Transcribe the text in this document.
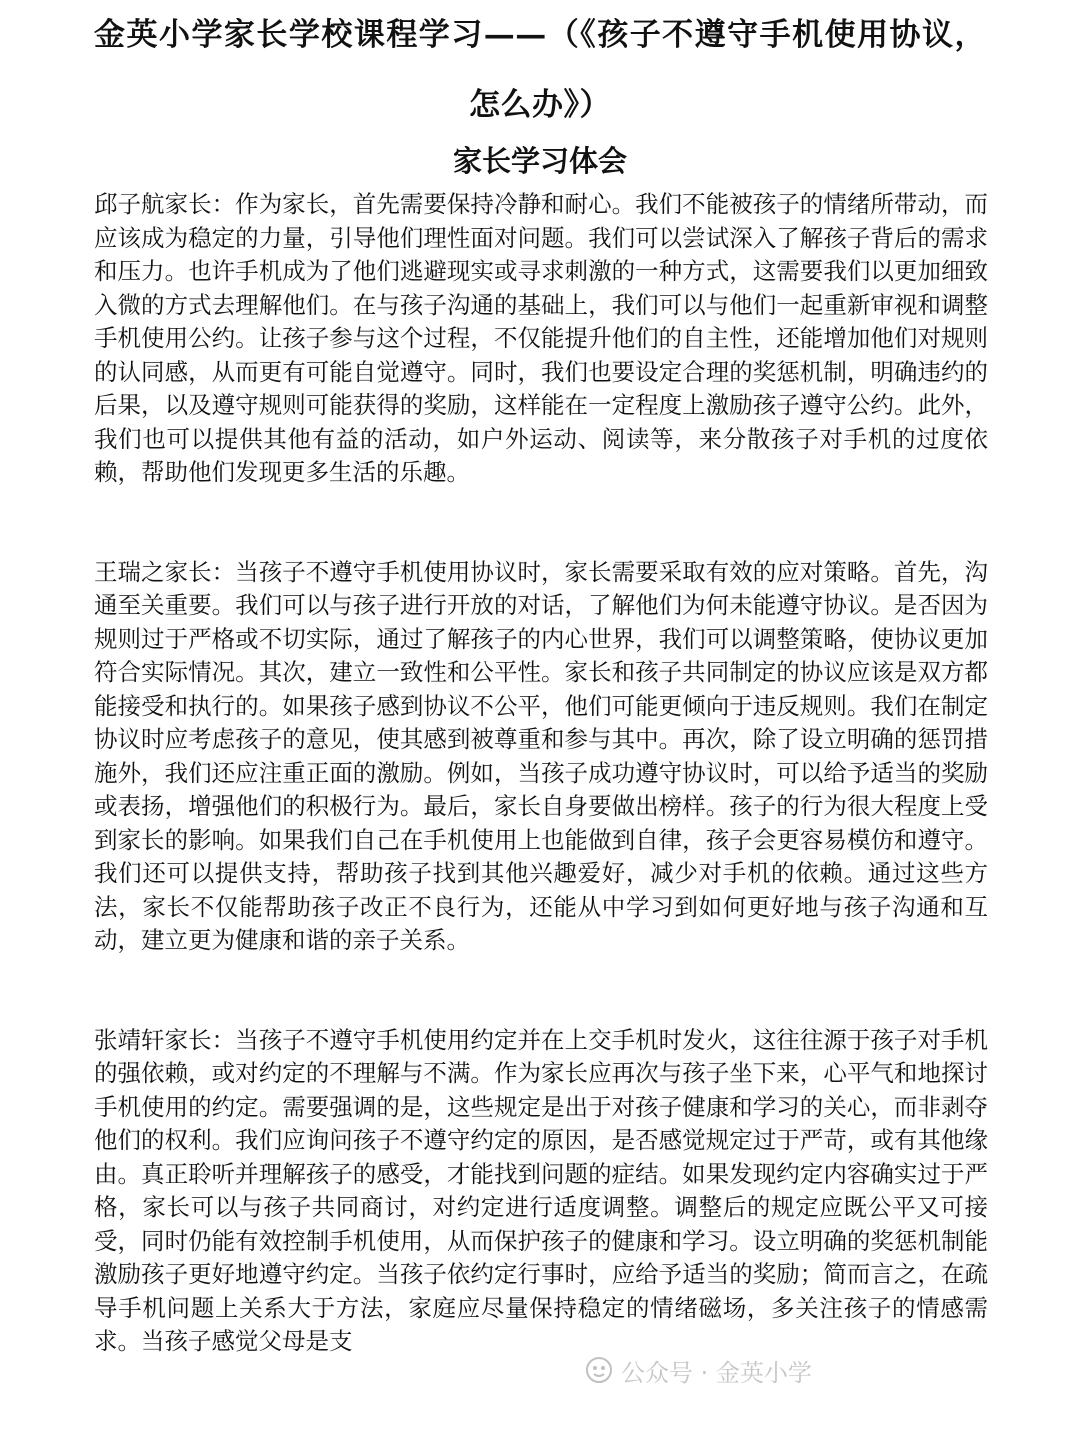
金英小学家长学校课程学习——（《孩子不遵守手机使用协议，怎么办》）
家长学习体会

邱子航家长：作为家长，首先需要保持冷静和耐心。我们不能被孩子的情绪所带动，而应该成为稳定的力量，引导他们理性面对问题。我们可以尝试深入了解孩子背后的需求和压力。也许手机成为了他们逃避现实或寻求刺激的一种方式，这需要我们以更加细致入微的方式去理解他们。在与孩子沟通的基础上，我们可以与他们一起重新审视和调整手机使用公约。让孩子参与这个过程，不仅能提升他们的自主性，还能增加他们对规则的认同感，从而更有可能自觉遵守。同时，我们也要设定合理的奖惩机制，明确违约的后果，以及遵守规则可能获得的奖励，这样能在一定程度上激励孩子遵守公约。此外，我们也可以提供其他有益的活动，如户外运动、阅读等，来分散孩子对手机的过度依赖，帮助他们发现更多生活的乐趣。

王瑞之家长：当孩子不遵守手机使用协议时，家长需要采取有效的应对策略。首先，沟通至关重要。我们可以与孩子进行开放的对话，了解他们为何未能遵守协议。是否因为规则过于严格或不切实际，通过了解孩子的内心世界，我们可以调整策略，使协议更加符合实际情况。其次，建立一致性和公平性。家长和孩子共同制定的协议应该是双方都能接受和执行的。如果孩子感到协议不公平，他们可能更倾向于违反规则。我们在制定协议时应考虑孩子的意见，使其感到被尊重和参与其中。再次，除了设立明确的惩罚措施外，我们还应注重正面的激励。例如，当孩子成功遵守协议时，可以给予适当的奖励或表扬，增强他们的积极行为。最后，家长自身要做出榜样。孩子的行为很大程度上受到家长的影响。如果我们自己在手机使用上也能做到自律，孩子会更容易模仿和遵守。我们还可以提供支持，帮助孩子找到其他兴趣爱好，减少对手机的依赖。通过这些方法，家长不仅能帮助孩子改正不良行为，还能从中学习到如何更好地与孩子沟通和互动，建立更为健康和谐的亲子关系。

张靖轩家长：当孩子不遵守手机使用约定并在上交手机时发火，这往往源于孩子对手机的强依赖，或对约定的不理解与不满。作为家长应再次与孩子坐下来，心平气和地探讨手机使用的约定。需要强调的是，这些规定是出于对孩子健康和学习的关心，而非剥夺他们的权利。我们应询问孩子不遵守约定的原因，是否感觉规定过于严苛，或有其他缘由。真正聆听并理解孩子的感受，才能找到问题的症结。如果发现约定内容确实过于严格，家长可以与孩子共同商讨，对约定进行适度调整。调整后的规定应既公平又可接受，同时仍能有效控制手机使用，从而保护孩子的健康和学习。设立明确的奖惩机制能激励孩子更好地遵守约定。当孩子依约定行事时，应给予适当的奖励；简而言之，在疏导手机问题上关系大于方法，家庭应尽量保持稳定的情绪磁场，多关注孩子的情感需求。当孩子感觉父母是支

公众号 · 金英小学
